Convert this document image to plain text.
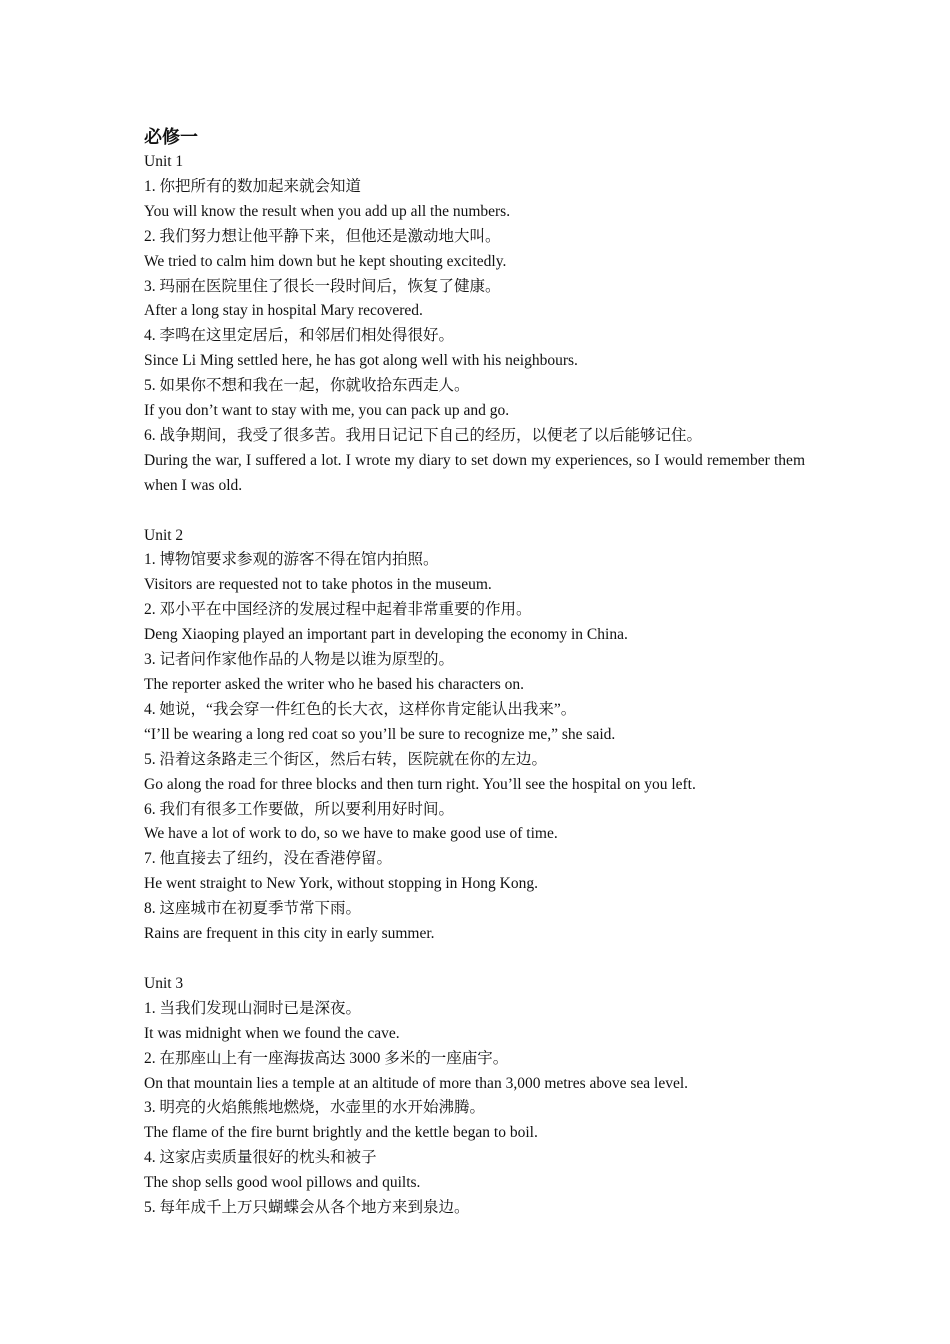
必修一
Unit 1
1. 你把所有的数加起来就会知道
You will know the result when you add up all the numbers.
2. 我们努力想让他平静下来，但他还是激动地大叫。
We tried to calm him down but he kept shouting excitedly.
3. 玛丽在医院里住了很长一段时间后，恢复了健康。
After a long stay in hospital Mary recovered.
4. 李鸣在这里定居后，和邻居们相处得很好。
Since Li Ming settled here, he has got along well with his neighbours.
5. 如果你不想和我在一起，你就收拾东西走人。
If you don’t want to stay with me, you can pack up and go.
6. 战争期间，我受了很多苦。我用日记记下自己的经历，以便老了以后能够记住。
During the war, I suffered a lot. I wrote my diary to set down my experiences, so I would remember them when I was old.
Unit 2
1. 博物馆要求参观的游客不得在馆内拍照。
Visitors are requested not to take photos in the museum.
2. 邓小平在中国经济的发展过程中起着非常重要的作用。
Deng Xiaoping played an important part in developing the economy in China.
3. 记者问作家他作品的人物是以谁为原型的。
The reporter asked the writer who he based his characters on.
4. 她说，“我会穿一件红色的长大衣，这样你肯定能认出我来”。
“I’ll be wearing a long red coat so you’ll be sure to recognize me,” she said.
5. 沿着这条路走三个街区，然后右转，医院就在你的左边。
Go along the road for three blocks and then turn right. You’ll see the hospital on you left.
6. 我们有很多工作要做，所以要利用好时间。
We have a lot of work to do, so we have to make good use of time.
7. 他直接去了纽约，没在香港停留。
He went straight to New York, without stopping in Hong Kong.
8. 这座城市在初夏季节常下雨。
Rains are frequent in this city in early summer.
Unit 3
1. 当我们发现山洞时已是深夜。
It was midnight when we found the cave.
2. 在那座山上有一座海拔高达 3000 多米的一座庙宇。
On that mountain lies a temple at an altitude of more than 3,000 metres above sea level.
3. 明亮的火焰熊熊地燃烧，水壶里的水开始沸腾。
The flame of the fire burnt brightly and the kettle began to boil.
4. 这家店卖质量很好的枕头和被子
The shop sells good wool pillows and quilts.
5. 每年成千上万只蝴蝶会从各个地方来到泉边。
